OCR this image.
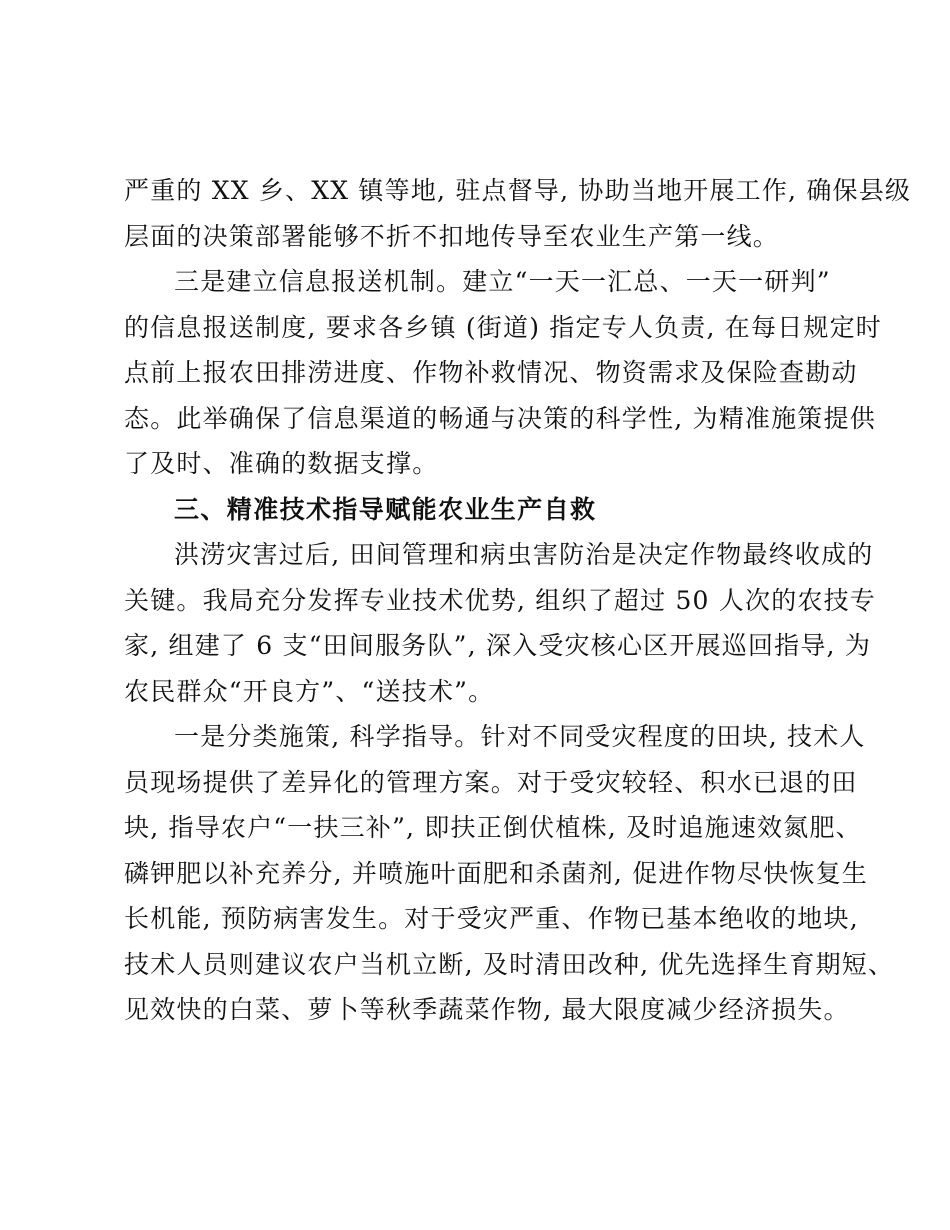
严重的 XX 乡、XX 镇等地, 驻点督导, 协助当地开展工作, 确保县级
层面的决策部署能够不折不扣地传导至农业生产第一线。
三是建立信息报送机制。建立“一天一汇总、一天一研判”
的信息报送制度, 要求各乡镇 (街道) 指定专人负责, 在每日规定时
点前上报农田排涝进度、作物补救情况、物资需求及保险查勘动
态。此举确保了信息渠道的畅通与决策的科学性, 为精准施策提供
了及时、准确的数据支撑。
三、精准技术指导赋能农业生产自救
洪涝灾害过后, 田间管理和病虫害防治是决定作物最终收成的
关键。我局充分发挥专业技术优势, 组织了超过 50 人次的农技专
家, 组建了 6 支“田间服务队”, 深入受灾核心区开展巡回指导, 为
农民群众“开良方”、“送技术”。
一是分类施策, 科学指导。针对不同受灾程度的田块, 技术人
员现场提供了差异化的管理方案。对于受灾较轻、积水已退的田
块, 指导农户“一扶三补”, 即扶正倒伏植株, 及时追施速效氮肥、
磷钾肥以补充养分, 并喷施叶面肥和杀菌剂, 促进作物尽快恢复生
长机能, 预防病害发生。对于受灾严重、作物已基本绝收的地块,
技术人员则建议农户当机立断, 及时清田改种, 优先选择生育期短、
见效快的白菜、萝卜等秋季蔬菜作物, 最大限度减少经济损失。
